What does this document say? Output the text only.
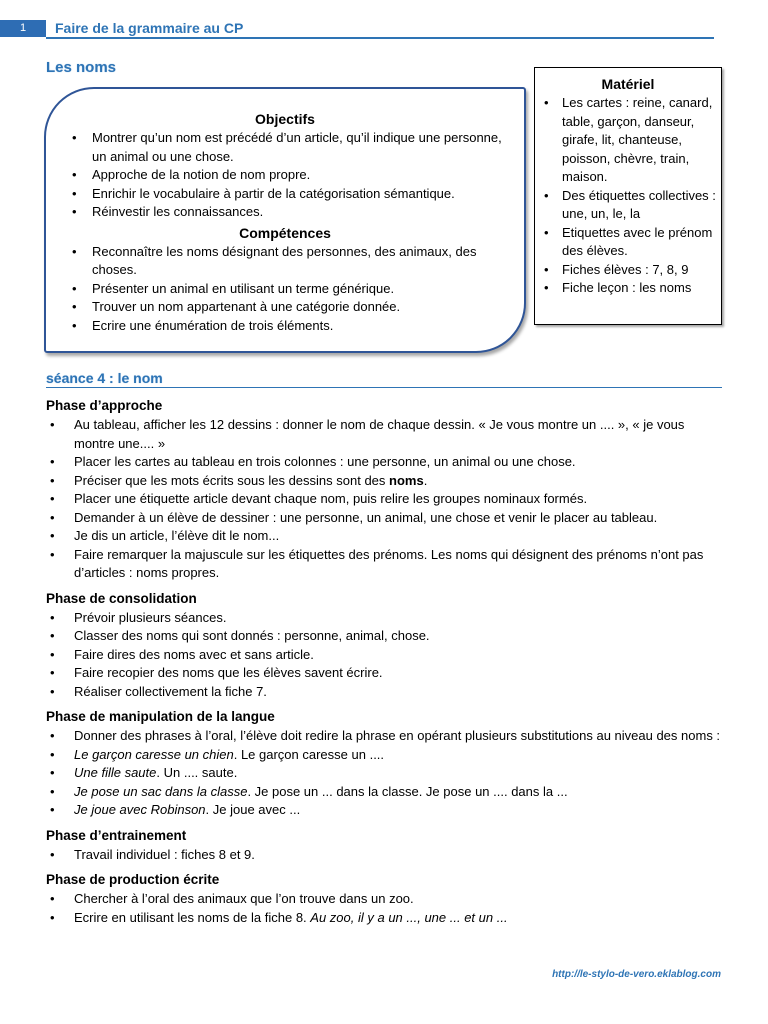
1	Faire de la grammaire au CP
Les noms
Objectifs
• Montrer qu’un nom est précédé d’un article, qu’il indique une personne, un animal ou une chose.
• Approche de la notion de nom propre.
• Enrichir le vocabulaire à partir de la catégorisation sémantique.
• Réinvestir les connaissances.
Compétences
• Reconnaître les noms désignant des personnes, des animaux, des choses.
• Présenter un animal en utilisant un terme générique.
• Trouver un nom appartenant à une catégorie donnée.
• Ecrire une énumération de trois éléments.
Matériel
• Les cartes : reine, canard, table, garçon, danseur, girafe, lit, chanteuse, poisson, chèvre, train, maison.
• Des étiquettes collectives : une, un, le, la
• Etiquettes avec le prénom des élèves.
• Fiches élèves : 7, 8, 9
• Fiche leçon : les noms
séance 4 : le nom
Phase d’approche
• Au tableau, afficher les 12 dessins : donner le nom de chaque dessin. « Je vous montre un .... », « je vous montre une.... »
• Placer les cartes au tableau en trois colonnes : une personne, un animal ou une chose.
• Préciser que les mots écrits sous les dessins sont des noms.
• Placer une étiquette article devant chaque nom, puis relire les groupes nominaux formés.
• Demander à un élève de dessiner : une personne, un animal, une chose et venir le placer au tableau.
• Je dis un article, l’élève dit le nom...
• Faire remarquer la majuscule sur les étiquettes des prénoms. Les noms qui désignent des prénoms n’ont pas d’articles : noms propres.
Phase de consolidation
• Prévoir plusieurs séances.
• Classer des noms qui sont donnés : personne, animal, chose.
• Faire dires des noms avec et sans article.
• Faire recopier des noms que les élèves savent écrire.
• Réaliser collectivement la fiche 7.
Phase de manipulation de la langue
• Donner des phrases à l’oral, l’élève doit redire la phrase en opérant plusieurs substitutions au niveau des noms :
• Le garçon caresse un chien. Le garçon caresse un ....
• Une fille saute. Un .... saute.
• Je pose un sac dans la classe. Je pose un ... dans la classe. Je pose un .... dans la ...
• Je joue avec Robinson. Je joue avec ...
Phase d’entrainement
• Travail individuel : fiches 8 et 9.
Phase de production écrite
• Chercher à l’oral des animaux que l’on trouve dans un zoo.
• Ecrire en utilisant les noms de la fiche 8. Au zoo, il y a un ..., une ... et un ...
http://le-stylo-de-vero.eklablog.com
